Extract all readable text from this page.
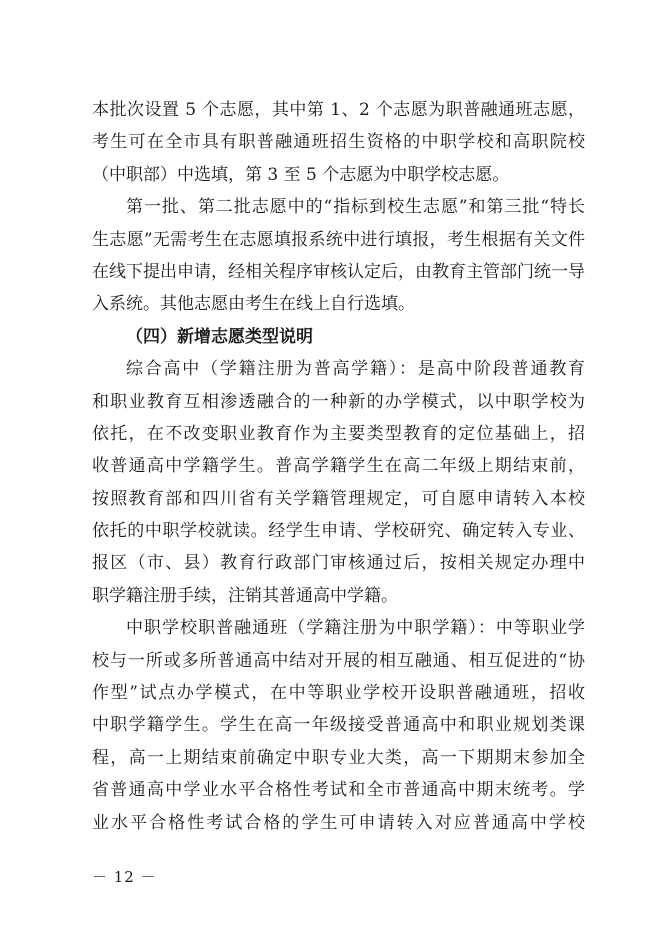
本批次设置 5 个志愿，其中第 1、2 个志愿为职普融通班志愿，
考生可在全市具有职普融通班招生资格的中职学校和高职院校
（中职部）中选填，第 3 至 5 个志愿为中职学校志愿。
第一批、第二批志愿中的“指标到校生志愿”和第三批“特长
生志愿”无需考生在志愿填报系统中进行填报，考生根据有关文件
在线下提出申请，经相关程序审核认定后，由教育主管部门统一导
入系统。其他志愿由考生在线上自行选填。
（四）新增志愿类型说明
综合高中（学籍注册为普高学籍）：是高中阶段普通教育
和职业教育互相渗透融合的一种新的办学模式，以中职学校为
依托，在不改变职业教育作为主要类型教育的定位基础上，招
收普通高中学籍学生。普高学籍学生在高二年级上期结束前，
按照教育部和四川省有关学籍管理规定，可自愿申请转入本校
依托的中职学校就读。经学生申请、学校研究、确定转入专业、
报区（市、县）教育行政部门审核通过后，按相关规定办理中
职学籍注册手续，注销其普通高中学籍。
中职学校职普融通班（学籍注册为中职学籍）：中等职业学
校与一所或多所普通高中结对开展的相互融通、相互促进的“协
作型”试点办学模式，在中等职业学校开设职普融通班，招收
中职学籍学生。学生在高一年级接受普通高中和职业规划类课
程，高一上期结束前确定中职专业大类，高一下期期末参加全
省普通高中学业水平合格性考试和全市普通高中期末统考。学
业水平合格性考试合格的学生可申请转入对应普通高中学校
－ 12 －
